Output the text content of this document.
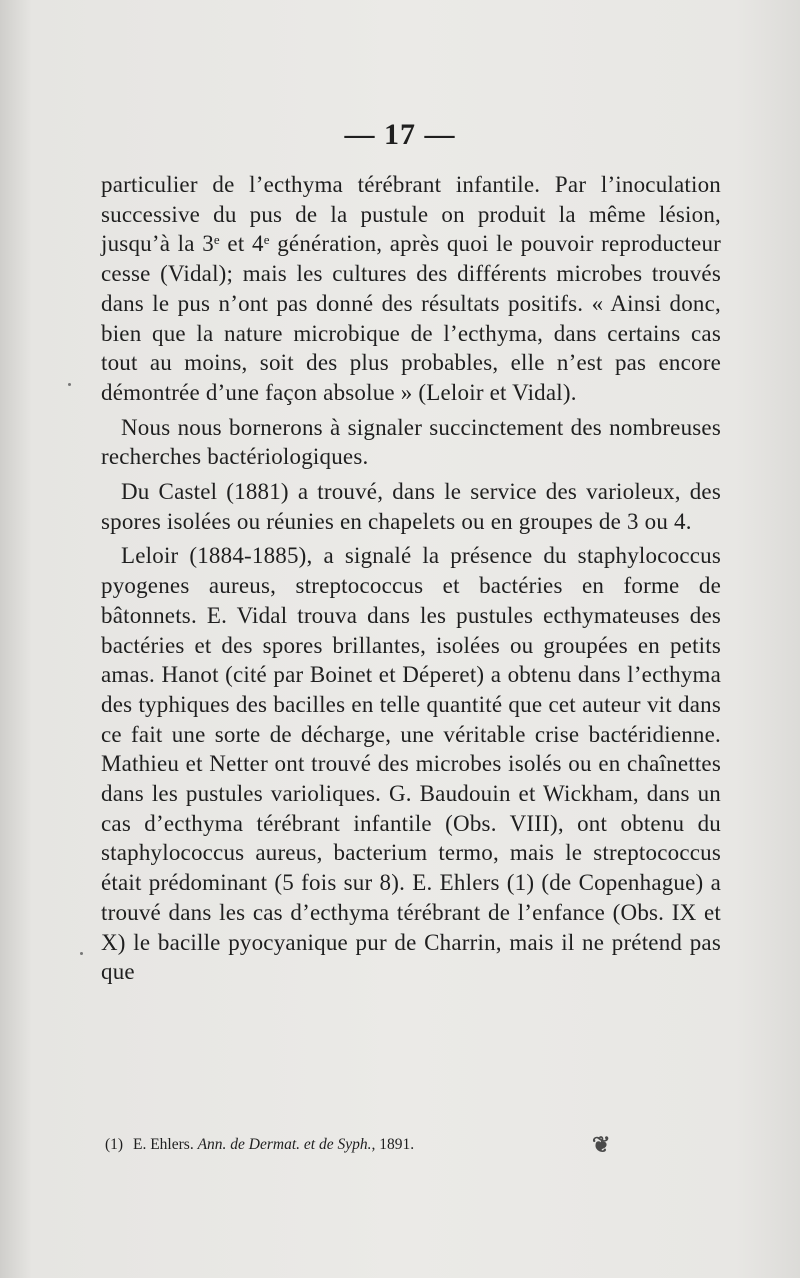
— 17 —

particulier de l’ecthyma térébrant infantile. Par l’inoculation successive du pus de la pustule on produit la même lésion, jusqu’à la 3e et 4e génération, après quoi le pouvoir reproducteur cesse (Vidal); mais les cultures des différents microbes trouvés dans le pus n’ont pas donné des résultats positifs. « Ainsi donc, bien que la nature microbique de l’ecthyma, dans certains cas tout au moins, soit des plus probables, elle n’est pas encore démontrée d’une façon absolue » (Leloir et Vidal).

Nous nous bornerons à signaler succinctement des nombreuses recherches bactériologiques.

Du Castel (1881) a trouvé, dans le service des varioleux, des spores isolées ou réunies en chapelets ou en groupes de 3 ou 4.

Leloir (1884-1885), a signalé la présence du staphylococcus pyogenes aureus, streptococcus et bactéries en forme de bâtonnets. E. Vidal trouva dans les pustules ecthymateuses des bactéries et des spores brillantes, isolées ou groupées en petits amas. Hanot (cité par Boinet et Déperet) a obtenu dans l’ecthyma des typhiques des bacilles en telle quantité que cet auteur vit dans ce fait une sorte de décharge, une véritable crise bactéridienne. Mathieu et Netter ont trouvé des microbes isolés ou en chaînettes dans les pustules varioliques. G. Baudouin et Wickham, dans un cas d’ecthyma térébrant infantile (Obs. VIII), ont obtenu du staphylococcus aureus, bacterium termo, mais le streptococcus était prédominant (5 fois sur 8). E. Ehlers (1) (de Copenhague) a trouvé dans les cas d’ecthyma térébrant de l’enfance (Obs. IX et X) le bacille pyocyanique pur de Charrin, mais il ne prétend pas que

(1) E. Ehlers. Ann. de Dermat. et de Syph., 1891.	❦
